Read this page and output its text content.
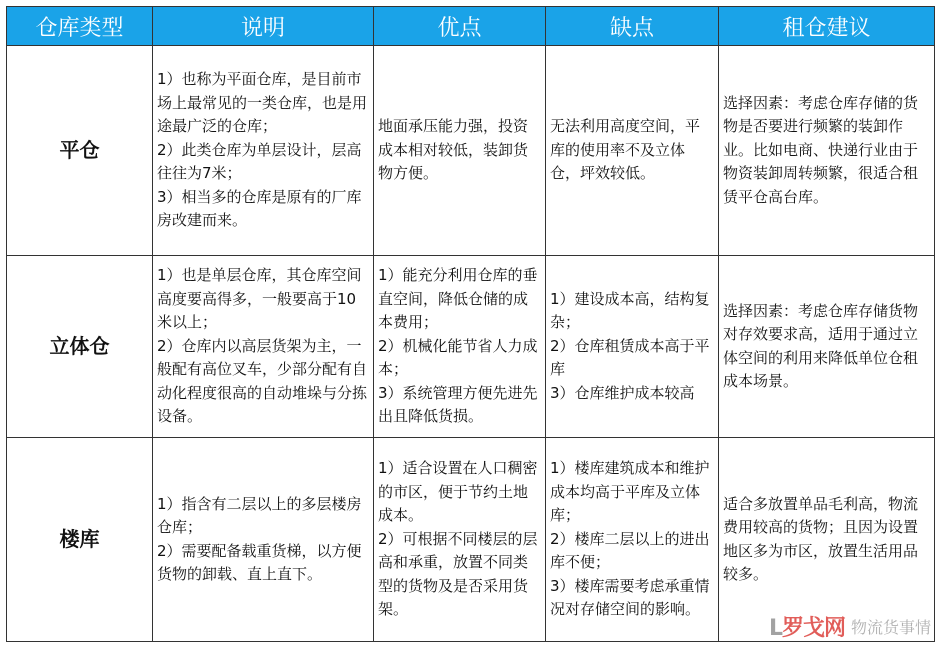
仓库类型	说明	优点	缺点	租仓建议
平仓	1）也称为平面仓库，是目前市场上最常见的一类仓库，也是用途最广泛的仓库；
2）此类仓库为单层设计，层高往往为7米；
3）相当多的仓库是原有的厂库房改建而来。	地面承压能力强，投资成本相对较低，装卸货物方便。	无法利用高度空间，平库的使用率不及立体仓，坪效较低。	选择因素：考虑仓库存储的货物是否要进行频繁的装卸作业。比如电商、快递行业由于物资装卸周转频繁，很适合租赁平仓高台库。

立体仓	1）也是单层仓库，其仓库空间高度要高得多，一般要高于10米以上；
2）仓库内以高层货架为主，一般配有高位叉车，少部分配有自动化程度很高的自动堆垛与分拣设备。	1）能充分利用仓库的垂直空间，降低仓储的成本费用；
2）机械化能节省人力成本；
3）系统管理方便先进先出且降低货损。	1）建设成本高，结构复杂；
2）仓库租赁成本高于平库
3）仓库维护成本较高	选择因素：考虑仓库存储货物对存效要求高，适用于通过立体空间的利用来降低单位仓租成本场景。

楼库	1）指含有二层以上的多层楼房仓库；
2）需要配备载重货梯，以方便货物的卸载、直上直下。	1）适合设置在人口稠密的市区，便于节约土地成本。
2）可根据不同楼层的层高和承重，放置不同类型的货物及是否采用货架。	1）楼库建筑成本和维护成本均高于平库及立体库；
2）楼库二层以上的进出库不便；
3）楼库需要考虑承重情况对存储空间的影响。	适合多放置单品毛利高，物流费用较高的货物；且因为设置地区多为市区，放置生活用品较多。
L罗戈网 物流货事情
